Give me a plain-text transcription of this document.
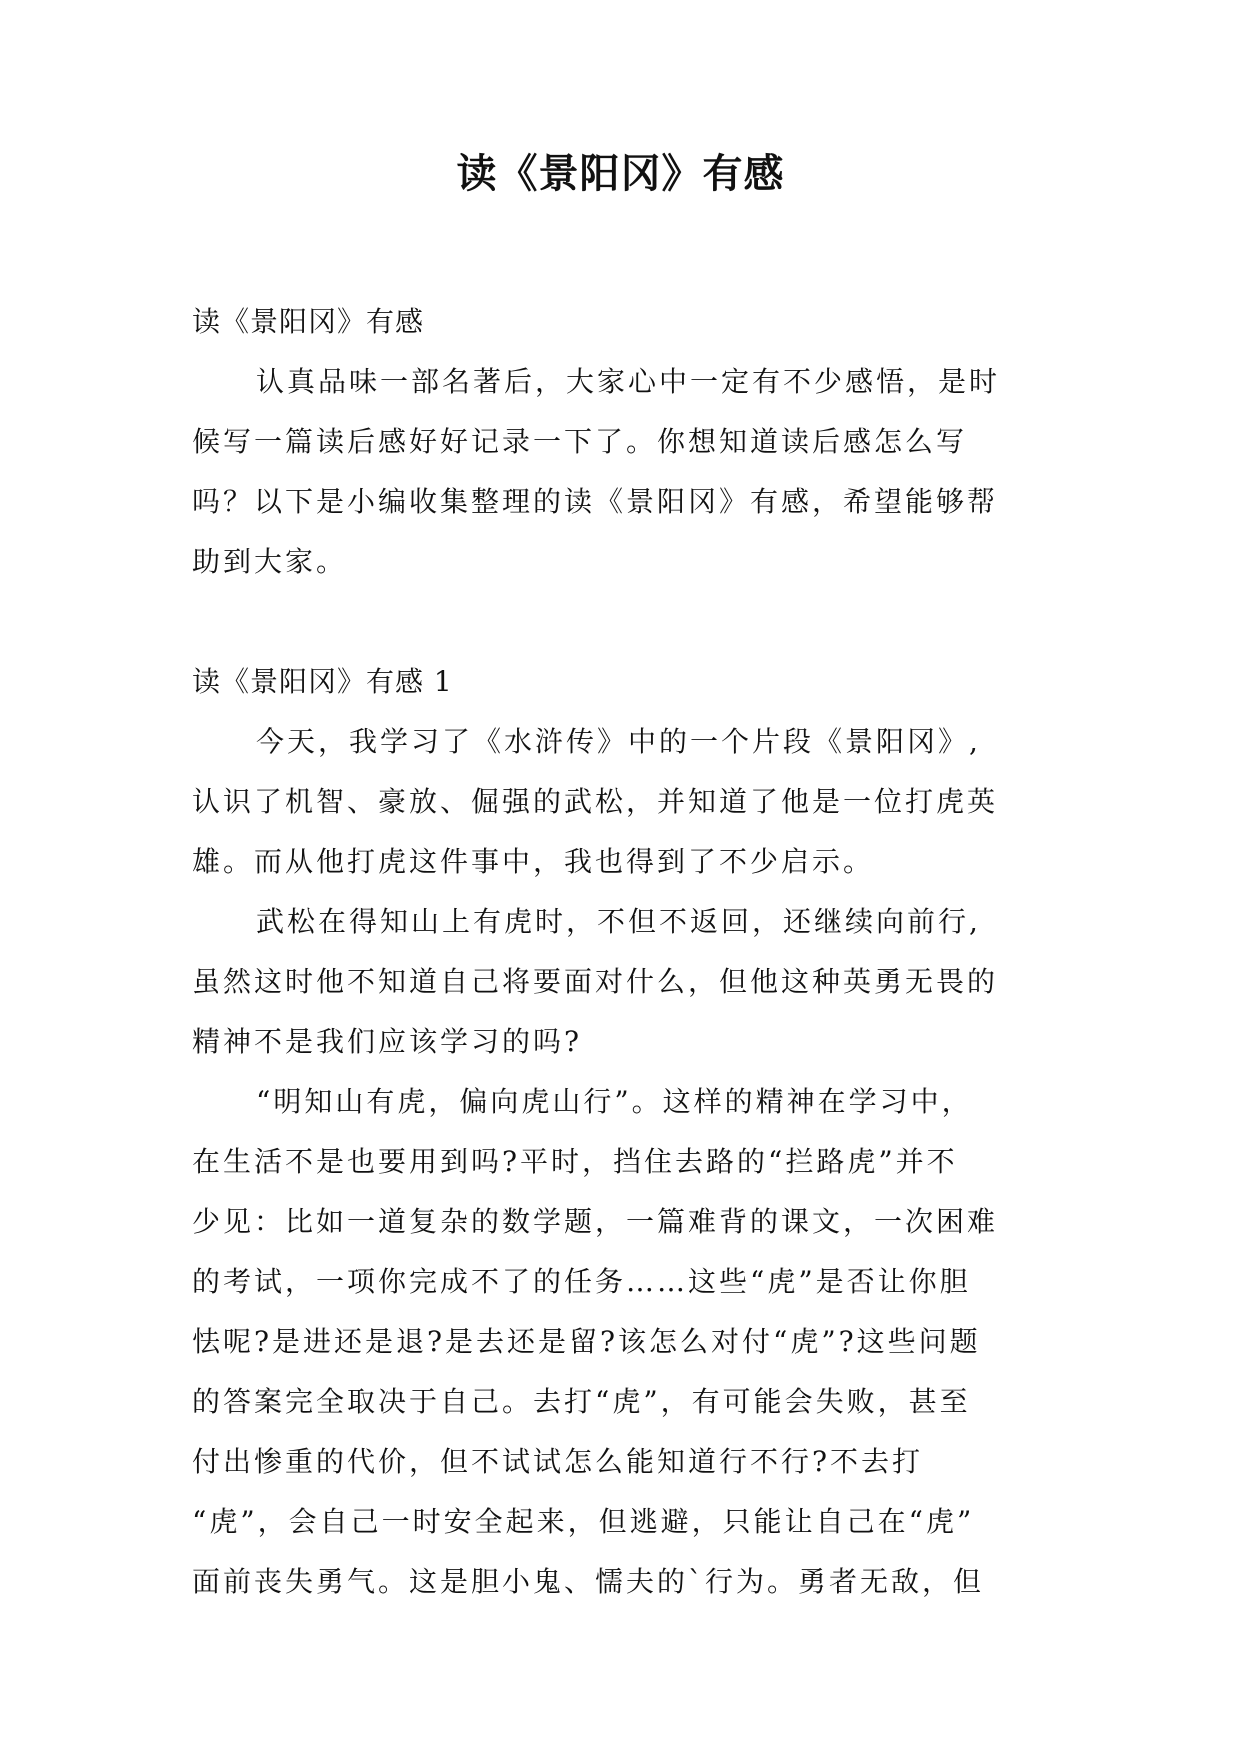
读《景阳冈》有感

读《景阳冈》有感

认真品味一部名著后，大家心中一定有不少感悟，是时

候写一篇读后感好好记录一下了。你想知道读后感怎么写

吗？以下是小编收集整理的读《景阳冈》有感，希望能够帮

助到大家。

读《景阳冈》有感 1

今天，我学习了《水浒传》中的一个片段《景阳冈》,

认识了机智、豪放、倔强的武松，并知道了他是一位打虎英

雄。而从他打虎这件事中，我也得到了不少启示。

武松在得知山上有虎时，不但不返回，还继续向前行,

虽然这时他不知道自己将要面对什么，但他这种英勇无畏的

精神不是我们应该学习的吗?

“明知山有虎，偏向虎山行”。这样的精神在学习中，

在生活不是也要用到吗?平时，挡住去路的“拦路虎”并不

少见：比如一道复杂的数学题，一篇难背的课文，一次困难

的考试，一项你完成不了的任务……这些“虎”是否让你胆

怯呢?是进还是退?是去还是留?该怎么对付“虎”?这些问题

的答案完全取决于自己。去打“虎”，有可能会失败，甚至

付出惨重的代价，但不试试怎么能知道行不行?不去打

“虎”，会自己一时安全起来，但逃避，只能让自己在“虎”

面前丧失勇气。这是胆小鬼、懦夫的`行为。勇者无敌，但
